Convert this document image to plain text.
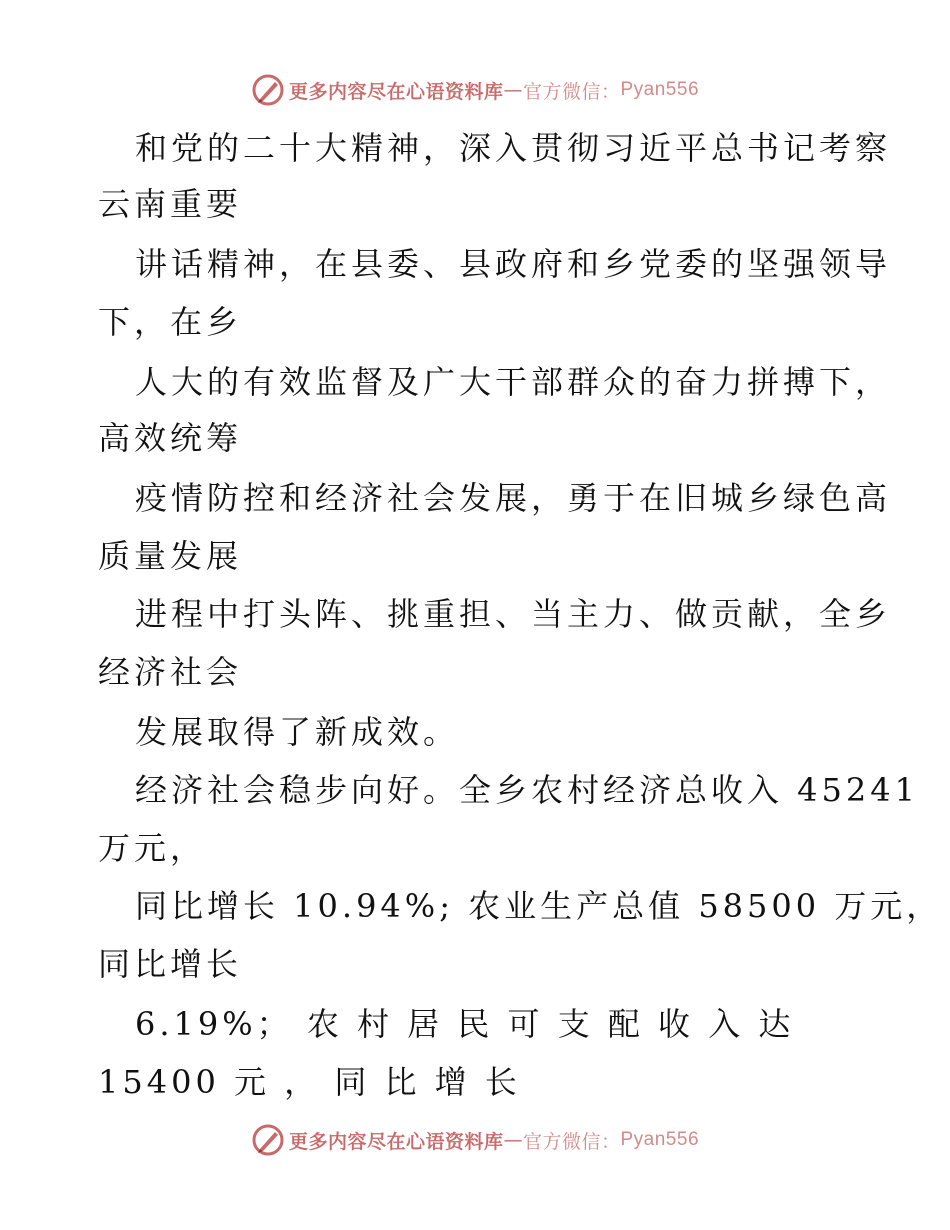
更多内容尽在心语资料库 — 官方微信： Pyan556
和党的二十大精神，深入贯彻习近平总书记考察
云南重要
讲话精神，在县委、县政府和乡党委的坚强领导
下，在乡
人大的有效监督及广大干部群众的奋力拼搏下，
高效统筹
疫情防控和经济社会发展，勇于在旧城乡绿色高
质量发展
进程中打头阵、挑重担、当主力、做贡献，全乡
经济社会
发展取得了新成效。
经济社会稳步向好。全乡农村经济总收入 45241
万元，
同比增长 10.94%; 农业生产总值 58500 万元，
同比增长
6.19%； 农 村 居 民 可 支 配 收 入 达
15400 元 ， 同 比 增 长
更多内容尽在心语资料库 — 官方微信： Pyan556
